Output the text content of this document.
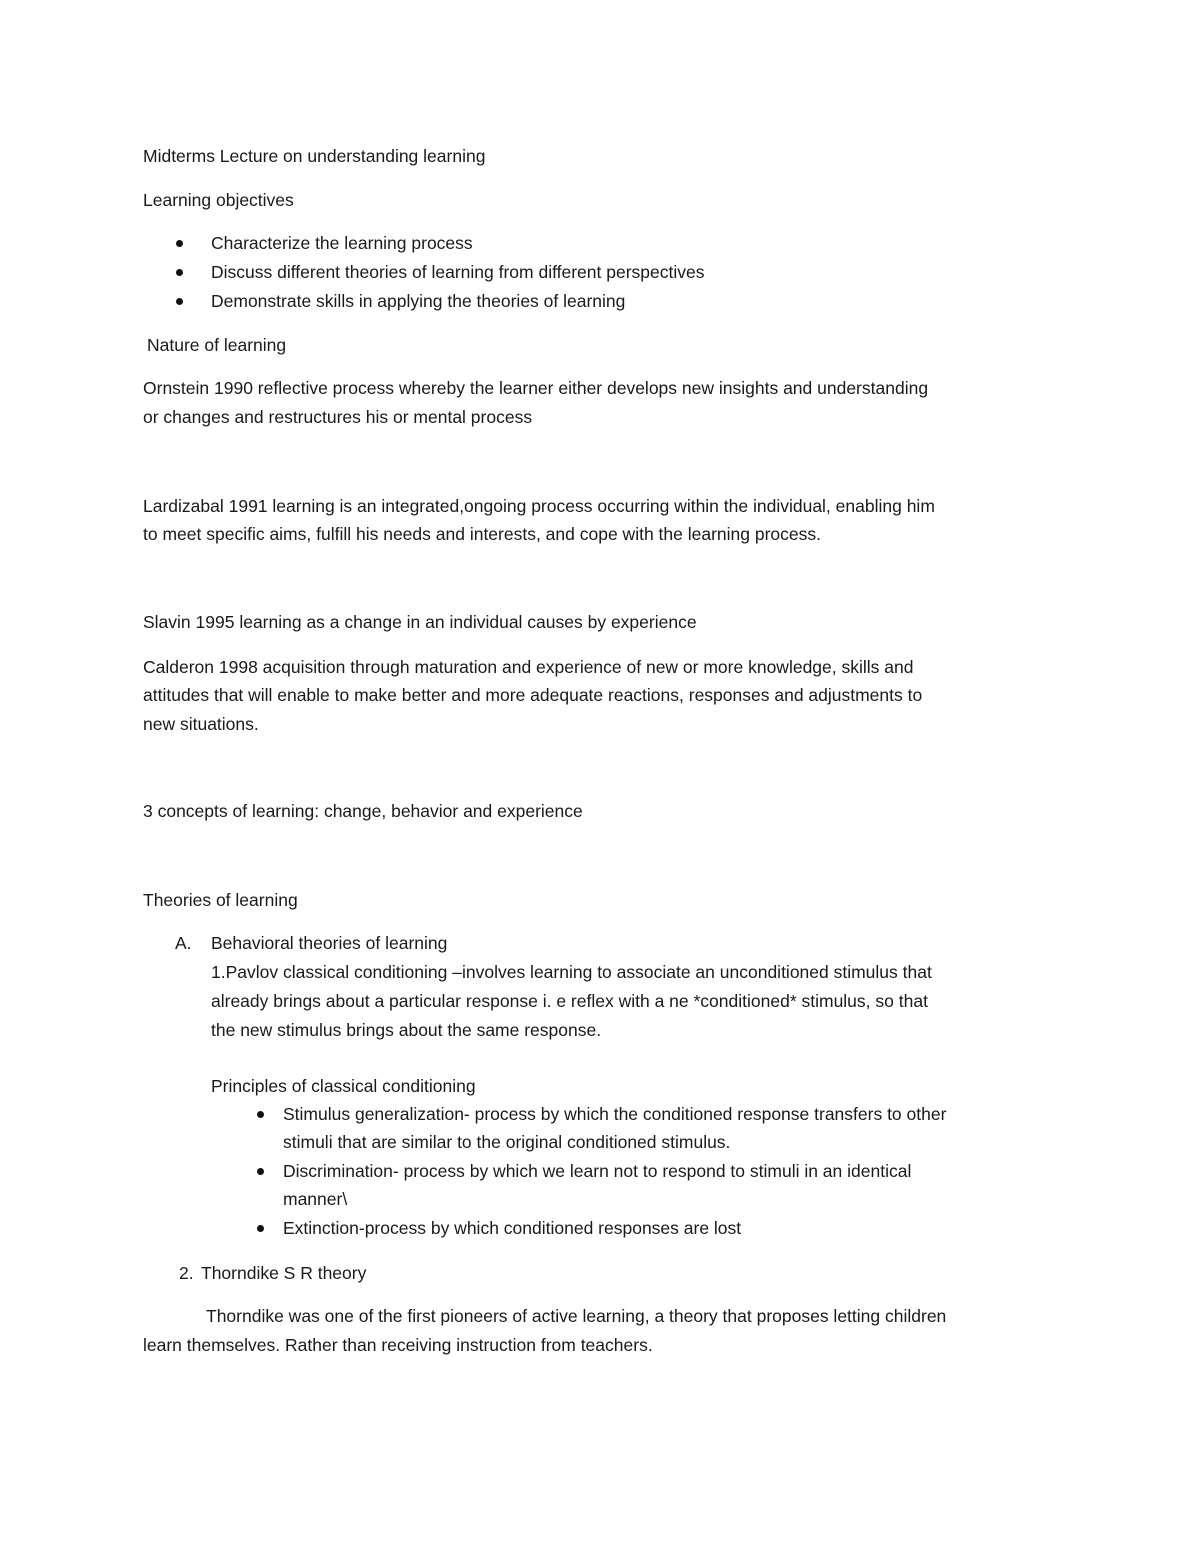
Midterms Lecture on understanding learning
Learning objectives
Characterize the learning process
Discuss different theories of learning from different perspectives
Demonstrate skills in applying the theories of learning
Nature of learning
Ornstein 1990 reflective process whereby the learner either develops new insights and understanding
or changes and restructures his or mental process
Lardizabal 1991 learning is an integrated,ongoing process occurring within the individual, enabling him
to meet specific aims, fulfill his needs and interests, and cope with the learning process.
Slavin 1995 learning as a change in an individual causes by experience
Calderon 1998 acquisition through maturation and experience of new or more knowledge, skills and
attitudes that will enable to make better and more adequate reactions, responses and adjustments to
new situations.
3 concepts of learning: change, behavior and experience
Theories of learning
A. Behavioral theories of learning
1.Pavlov classical conditioning –involves learning to associate an unconditioned stimulus that
already brings about a particular response i. e reflex with a ne *conditioned* stimulus, so that
the new stimulus brings about the same response.
Principles of classical conditioning
Stimulus generalization- process by which the conditioned response transfers to other
stimuli that are similar to the original conditioned stimulus.
Discrimination- process by which we learn not to respond to stimuli in an identical
manner\
Extinction-process by which conditioned responses are lost
2. Thorndike S R theory
Thorndike was one of the first pioneers of active learning, a theory that proposes letting children
learn themselves. Rather than receiving instruction from teachers.
